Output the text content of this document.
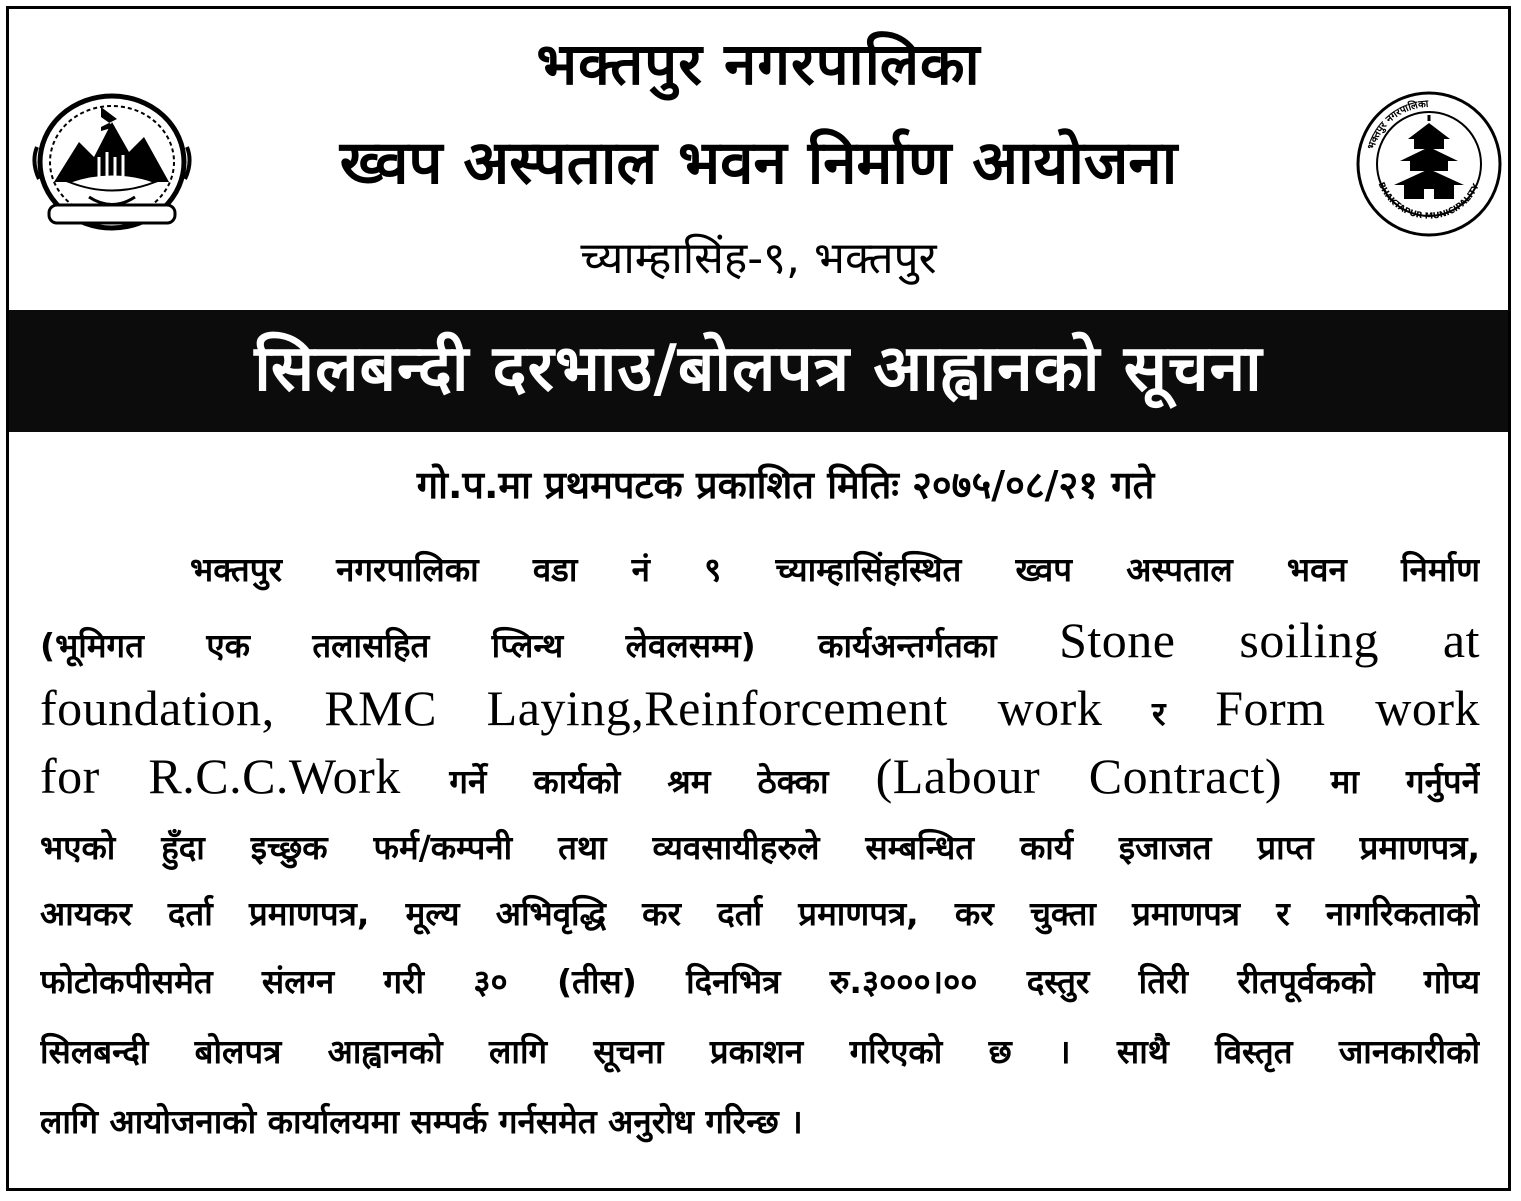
भक्तपुर नगरपालिका
ख्वप अस्पताल भवन निर्माण आयोजना
च्याम्हासिंह-९, भक्तपुर
भक्तपुर नगरपालिका
BHAKTAPUR MUNICIPALITY
सिलबन्दी दरभाउ/बोलपत्र आह्वानको सूचना
गो.प.मा प्रथमपटक प्रकाशित मितिः २०७५/०८/२१ गते
भक्तपुर नगरपालिका वडा नं ९ च्याम्हासिंहस्थित ख्वप अस्पताल भवन निर्माण
(भूमिगत एक तलासहित प्लिन्थ लेवलसम्म) कार्यअन्तर्गतका Stone soiling at
foundation, RMC Laying,Reinforcement work र Form work
for R.C.C.Work गर्ने कार्यको श्रम ठेक्का (Labour Contract) मा गर्नुपर्ने
भएको हुँदा इच्छुक फर्म/कम्पनी तथा व्यवसायीहरुले सम्बन्धित कार्य इजाजत प्राप्त प्रमाणपत्र,
आयकर दर्ता प्रमाणपत्र, मूल्य अभिवृद्धि कर दर्ता प्रमाणपत्र, कर चुक्ता प्रमाणपत्र र नागरिकताको
फोटोकपीसमेत संलग्न गरी ३० (तीस) दिनभित्र रु.३०००।०० दस्तुर तिरी रीतपूर्वकको गोप्य
सिलबन्दी बोलपत्र आह्वानको लागि सूचना प्रकाशन गरिएको छ । साथै विस्तृत जानकारीको
लागि आयोजनाको कार्यालयमा सम्पर्क गर्नसमेत अनुरोध गरिन्छ ।
